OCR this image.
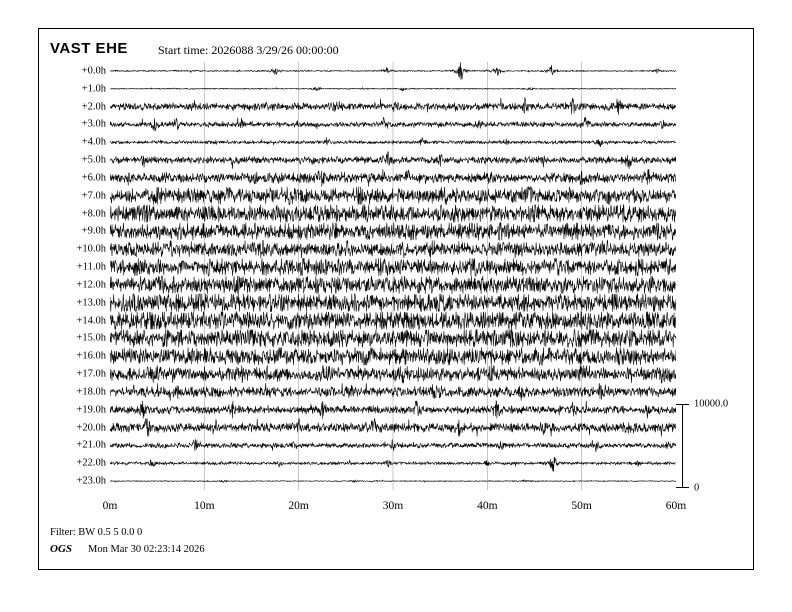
VAST EHE	Start time: 2026088 3/29/26 00:00:00
+0.0h
+1.0h
+2.0h
+3.0h
+4.0h
+5.0h
+6.0h
+7.0h
+8.0h
+9.0h
+10.0h
+11.0h
+12.0h
+13.0h
+14.0h
+15.0h
+16.0h
+17.0h
+18.0h
+19.0h
+20.0h
+21.0h
+22.0h
+23.0h
0m	10m	20m	30m	40m	50m	60m
10000.0
0
Filter: BW 0.5 5 0.0 0
OGS Mon Mar 30 02:23:14 2026
